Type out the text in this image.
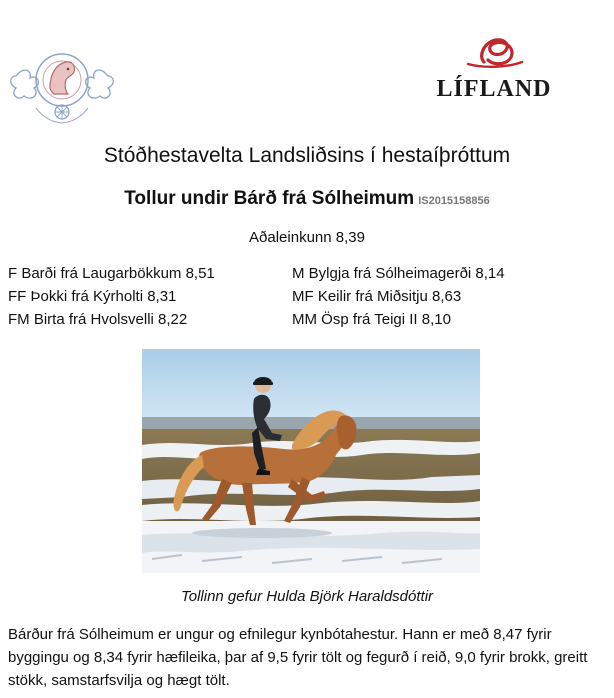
LÍFLAND
Stóðhestavelta Landsliðsins í hestaíþróttum
Tollur undir Bárð frá Sólheimum IS2015158856
Aðaleinkunn 8,39
F Barði frá Laugarbökkum 8,51
FF Þokki frá Kýrholti 8,31
FM Birta frá Hvolsvelli 8,22
M Bylgja frá Sólheimagerði 8,14
MF Keilir frá Miðsitju 8,63
MM Ösp frá Teigi II 8,10
Tollinn gefur Hulda Björk Haraldsdóttir

Bárður frá Sólheimum er ungur og efnilegur kynbótahestur. Hann er með 8,47 fyrir byggingu og 8,34 fyrir hæfileika, þar af 9,5 fyrir tölt og fegurð í reið, 9,0 fyrir brokk, greitt stökk, samstarfsvilja og hægt tölt.
